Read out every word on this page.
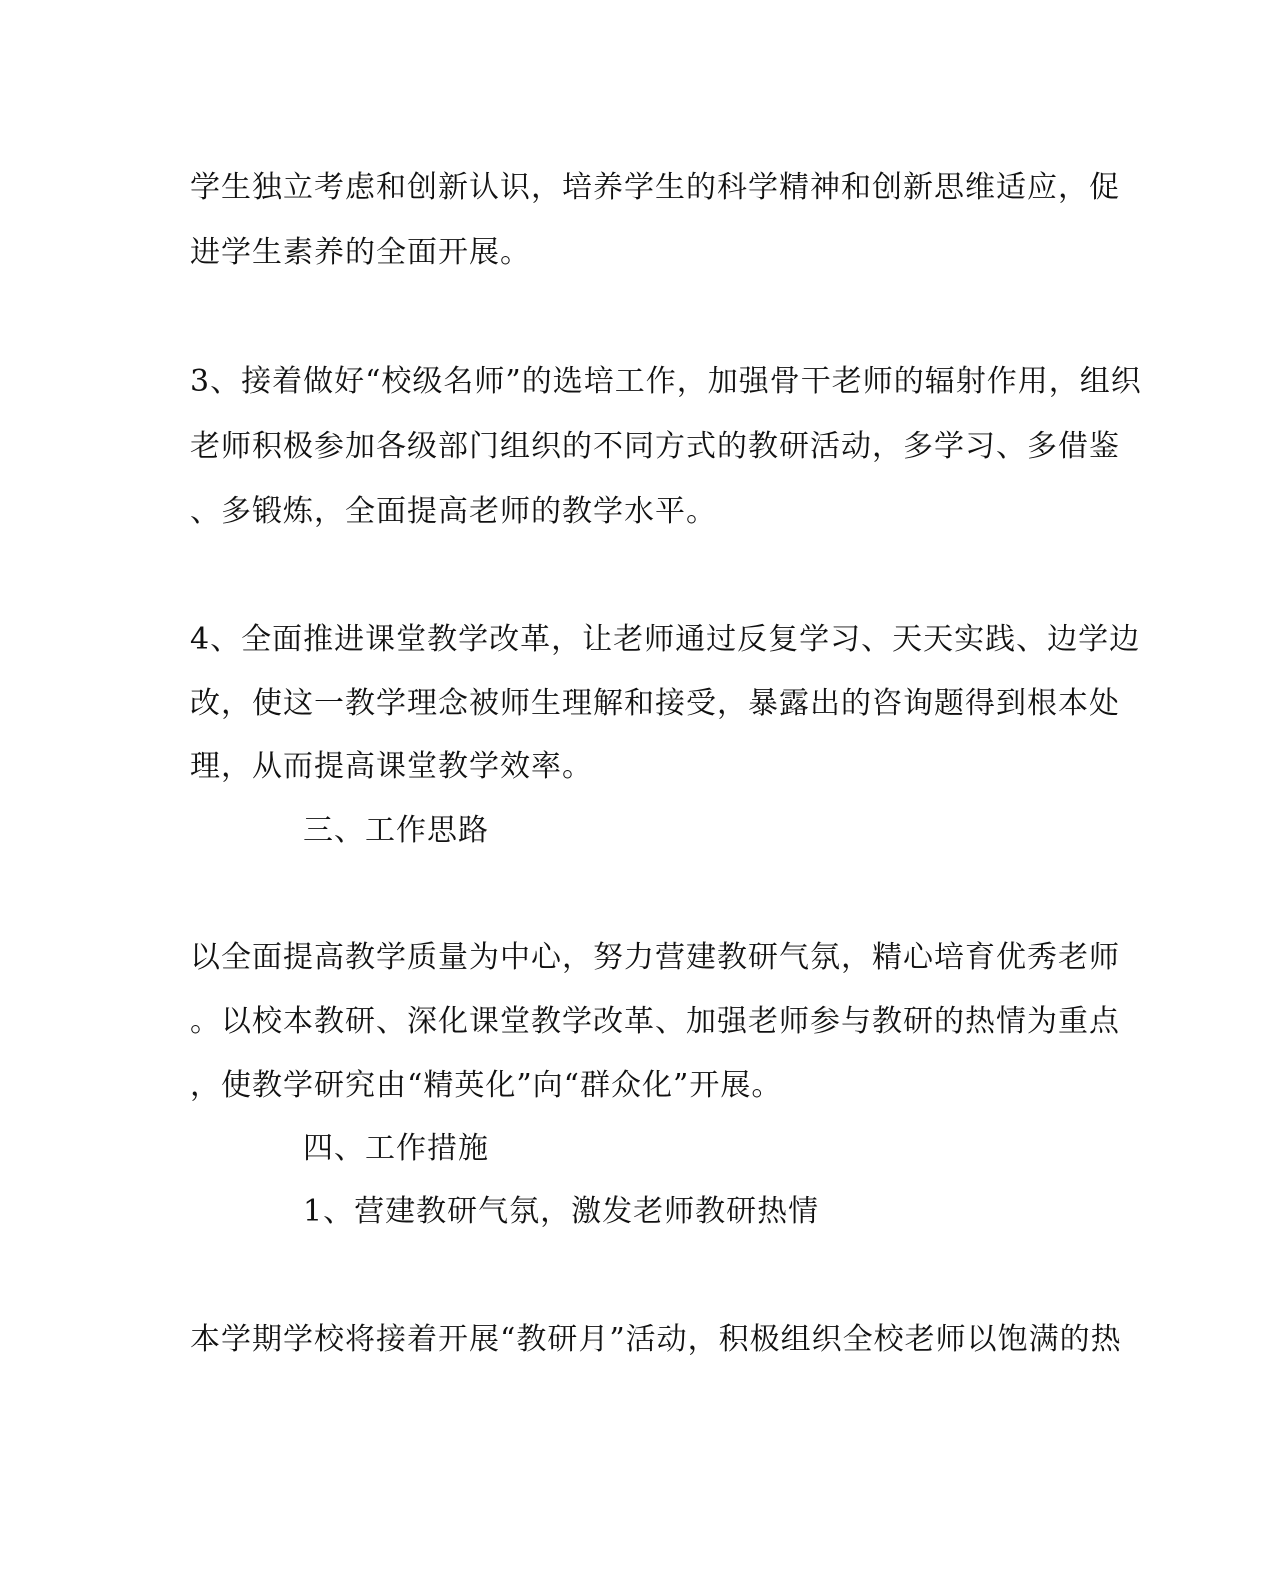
学生独立考虑和创新认识，培养学生的科学精神和创新思维适应，促
进学生素养的全面开展。
3、接着做好“校级名师”的选培工作，加强骨干老师的辐射作用，组织
老师积极参加各级部门组织的不同方式的教研活动，多学习、多借鉴
、多锻炼，全面提高老师的教学水平。
4、全面推进课堂教学改革，让老师通过反复学习、天天实践、边学边
改，使这一教学理念被师生理解和接受，暴露出的咨询题得到根本处
理，从而提高课堂教学效率。
三、工作思路
以全面提高教学质量为中心，努力营建教研气氛，精心培育优秀老师
。以校本教研、深化课堂教学改革、加强老师参与教研的热情为重点
，使教学研究由“精英化”向“群众化”开展。
四、工作措施
1、营建教研气氛，激发老师教研热情
本学期学校将接着开展“教研月”活动，积极组织全校老师以饱满的热
